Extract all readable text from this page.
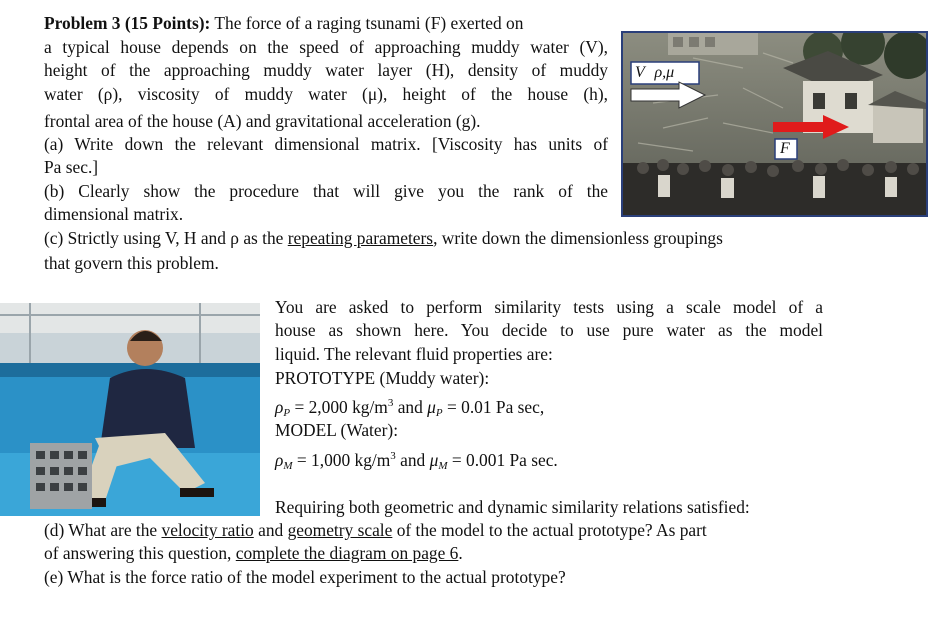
Problem 3 (15 Points): The force of a raging tsunami (F) exerted on
a typical house depends on the speed of approaching muddy water (V),
height of the approaching muddy water layer (H), density of muddy
water (ρ), viscosity of muddy water (μ), height of the house (h),
frontal area of the house (A) and gravitational acceleration (g).
(a) Write down the relevant dimensional matrix. [Viscosity has units of
Pa sec.]
(b) Clearly show the procedure that will give you the rank of the
dimensional matrix.
(c) Strictly using V, H and ρ as the repeating parameters, write down the dimensionless groupings
that govern this problem.
V ρ,μ
F
You are asked to perform similarity tests using a scale model of a
house as shown here. You decide to use pure water as the model
liquid. The relevant fluid properties are:
PROTOTYPE (Muddy water):
$\rho_P = 2,000$ $kg/m^3$ and $\mu_P = 0.01$ Pa sec,
MODEL (Water):
$\rho_M = 1,000$ $kg/m^3$ and $\mu_M = 0.001$ Pa sec.
Requiring both geometric and dynamic similarity relations satisfied:
(d) What are the velocity ratio and geometry scale of the model to the actual prototype? As part
of answering this question, complete the diagram on page 6.
(e) What is the force ratio of the model experiment to the actual prototype?
